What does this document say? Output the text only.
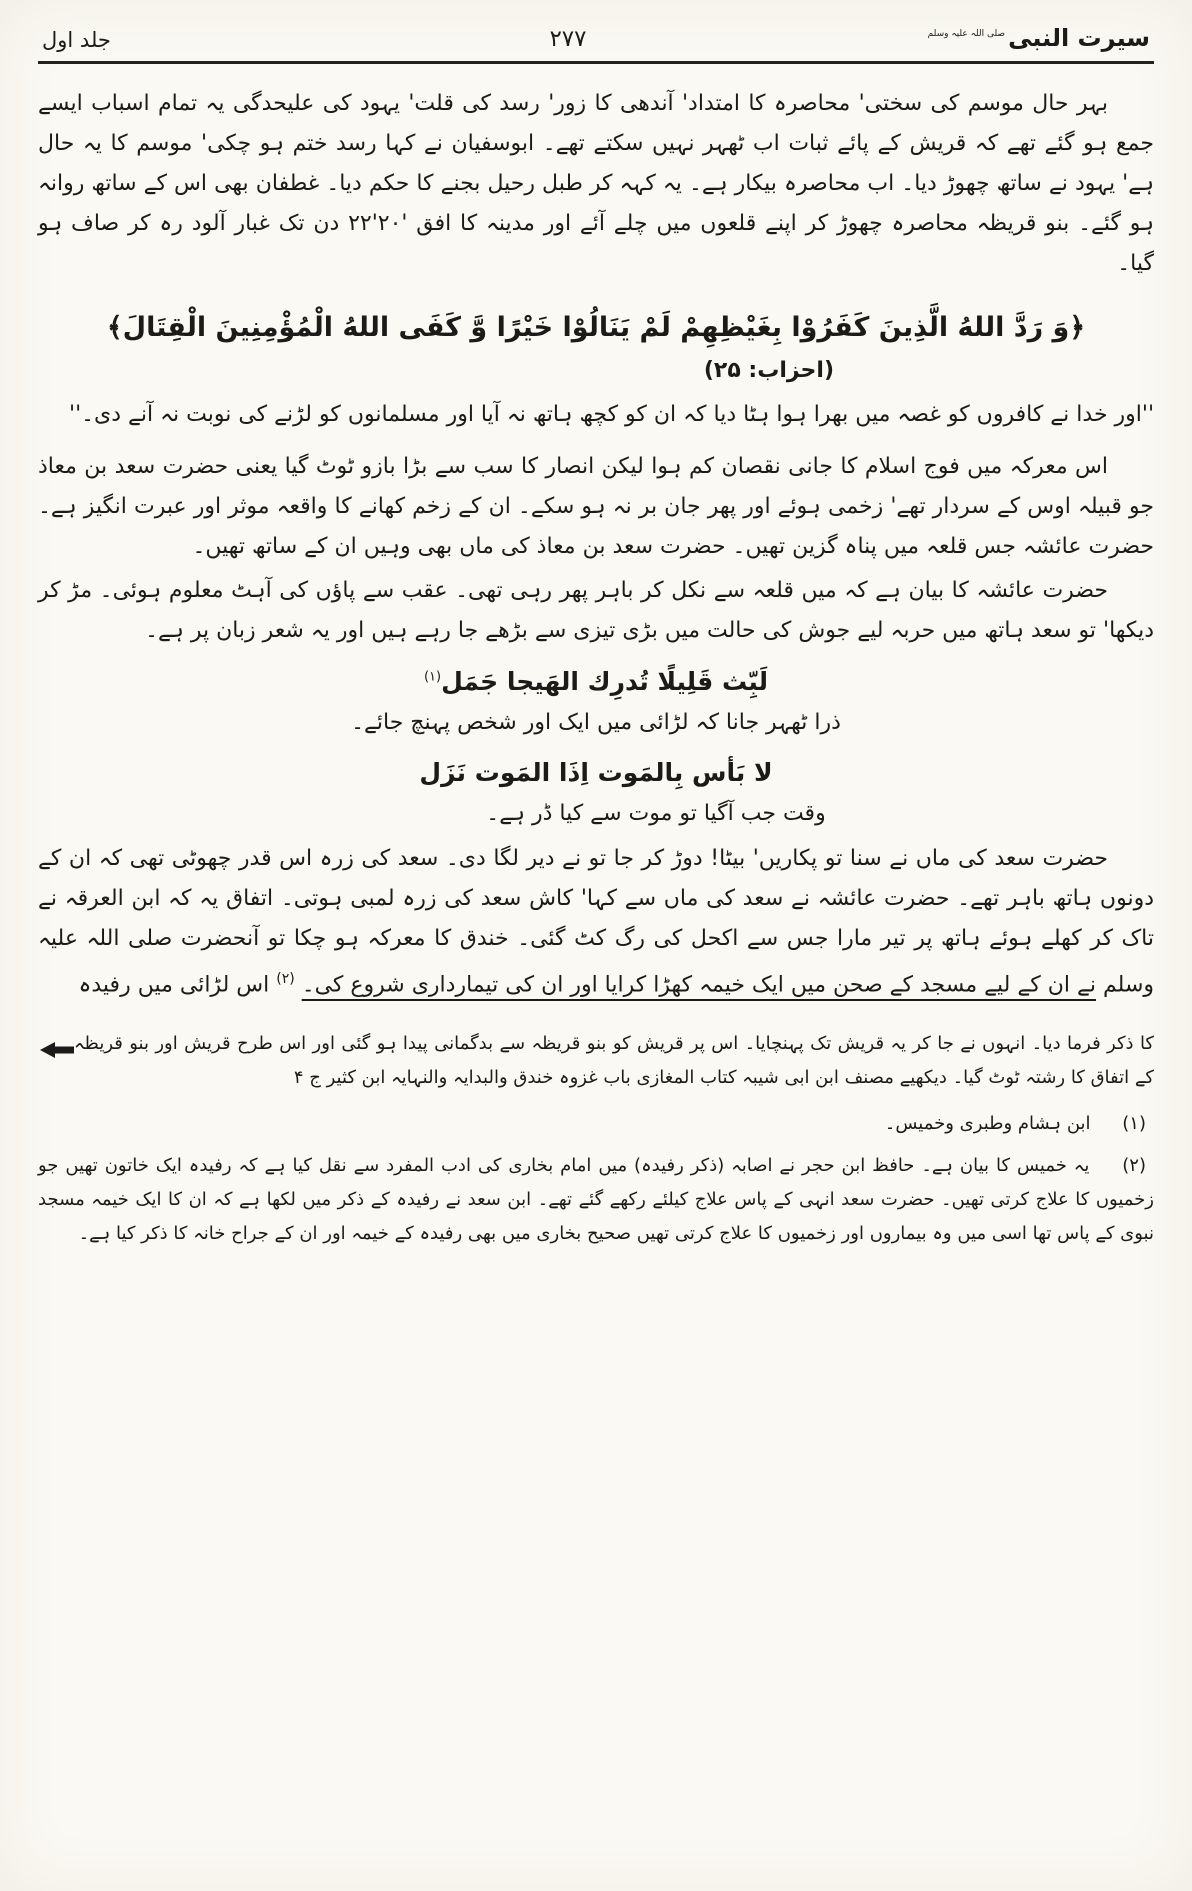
سیرت النبیصلی اللہ علیہ وسلم
۲۷۷
جلد اول

بہر حال موسم کی سختی' محاصرہ کا امتداد' آندھی کا زور' رسد کی قلت' یہود کی علیحدگی یہ تمام اسباب ایسے جمع ہو گئے تھے کہ قریش کے پائے ثبات اب ٹھہر نہیں سکتے تھے۔ ابوسفیان نے کہا رسد ختم ہو چکی' موسم کا یہ حال ہے' یہود نے ساتھ چھوڑ دیا۔ اب محاصرہ بیکار ہے۔ یہ کہہ کر طبل رحیل بجنے کا حکم دیا۔ غطفان بھی اس کے ساتھ روانہ ہو گئے۔ بنو قریظہ محاصرہ چھوڑ کر اپنے قلعوں میں چلے آئے اور مدینہ کا افق '۲۰'۲۲ دن تک غبار آلود رہ کر صاف ہو گیا۔

﴿وَ رَدَّ اللهُ الَّذِينَ كَفَرُوْا بِغَيْظِهِمْ لَمْ يَنَالُوْا خَيْرًا وَّ كَفَى اللهُ الْمُؤْمِنِينَ الْقِتَالَ﴾
(احزاب: ۲۵)

''اور خدا نے کافروں کو غصہ میں بھرا ہوا ہٹا دیا کہ ان کو کچھ ہاتھ نہ آیا اور مسلمانوں کو لڑنے کی نوبت نہ آنے دی۔''

اس معرکہ میں فوج اسلام کا جانی نقصان کم ہوا لیکن انصار کا سب سے بڑا بازو ٹوٹ گیا یعنی حضرت سعد بن معاذ جو قبیلہ اوس کے سردار تھے' زخمی ہوئے اور پھر جان بر نہ ہو سکے۔ ان کے زخم کھانے کا واقعہ موثر اور عبرت انگیز ہے۔ حضرت عائشہ جس قلعہ میں پناہ گزین تھیں۔ حضرت سعد بن معاذ کی ماں بھی وہیں ان کے ساتھ تھیں۔

حضرت عائشہ کا بیان ہے کہ میں قلعہ سے نکل کر باہر پھر رہی تھی۔ عقب سے پاؤں کی آہٹ معلوم ہوئی۔ مڑ کر دیکھا' تو سعد ہاتھ میں حربہ لیے جوش کی حالت میں بڑی تیزی سے بڑھے جا رہے ہیں اور یہ شعر زبان پر ہے۔

لَبِّث قَلِيلًا تُدرِك الهَيجا جَمَل$^{(۱)}$

ذرا ٹھہر جانا کہ لڑائی میں ایک اور شخص پہنچ جائے۔

لا بَأس بِالمَوت اِذَا المَوت نَزَل

وقت جب آگیا تو موت سے کیا ڈر ہے۔

حضرت سعد کی ماں نے سنا تو پکاریں' بیٹا! دوڑ کر جا تو نے دیر لگا دی۔ سعد کی زرہ اس قدر چھوٹی تھی کہ ان کے دونوں ہاتھ باہر تھے۔ حضرت عائشہ نے سعد کی ماں سے کہا' کاش سعد کی زرہ لمبی ہوتی۔ اتفاق یہ کہ ابن العرقہ نے تاک کر کھلے ہوئے ہاتھ پر تیر مارا جس سے اکحل کی رگ کٹ گئی۔ خندق کا معرکہ ہو چکا تو آنحضرت صلی اللہ علیہ وسلم نے ان کے لیے مسجد کے صحن میں ایک خیمہ کھڑا کرایا اور ان کی تیمارداری شروع کی۔ $^{(۲)}$ اس لڑائی میں رفیدہ

کا ذکر فرما دیا۔ انہوں نے جا کر یہ قریش تک پہنچایا۔ اس پر قریش کو بنو قریظہ سے بدگمانی پیدا ہو گئی اور اس طرح قریش اور بنو قریظہ کے اتفاق کا رشتہ ٹوٹ گیا۔ دیکھیے مصنف ابن ابی شیبہ کتاب المغازی باب غزوہ خندق والبدایہ والنہایہ ابن کثیر ج ۴

(۱) ابن ہشام وطبری وخمیس۔

(۲) یہ خمیس کا بیان ہے۔ حافظ ابن حجر نے اصابہ (ذکر رفیدہ) میں امام بخاری کی ادب المفرد سے نقل کیا ہے کہ رفیدہ ایک خاتون تھیں جو زخمیوں کا علاج کرتی تھیں۔ حضرت سعد انہی کے پاس علاج کیلئے رکھے گئے تھے۔ ابن سعد نے رفیدہ کے ذکر میں لکھا ہے کہ ان کا ایک خیمہ مسجد نبوی کے پاس تھا اسی میں وہ بیماروں اور زخمیوں کا علاج کرتی تھیں صحیح بخاری میں بھی رفیدہ کے خیمہ اور ان کے جراح خانہ کا ذکر کیا ہے۔
